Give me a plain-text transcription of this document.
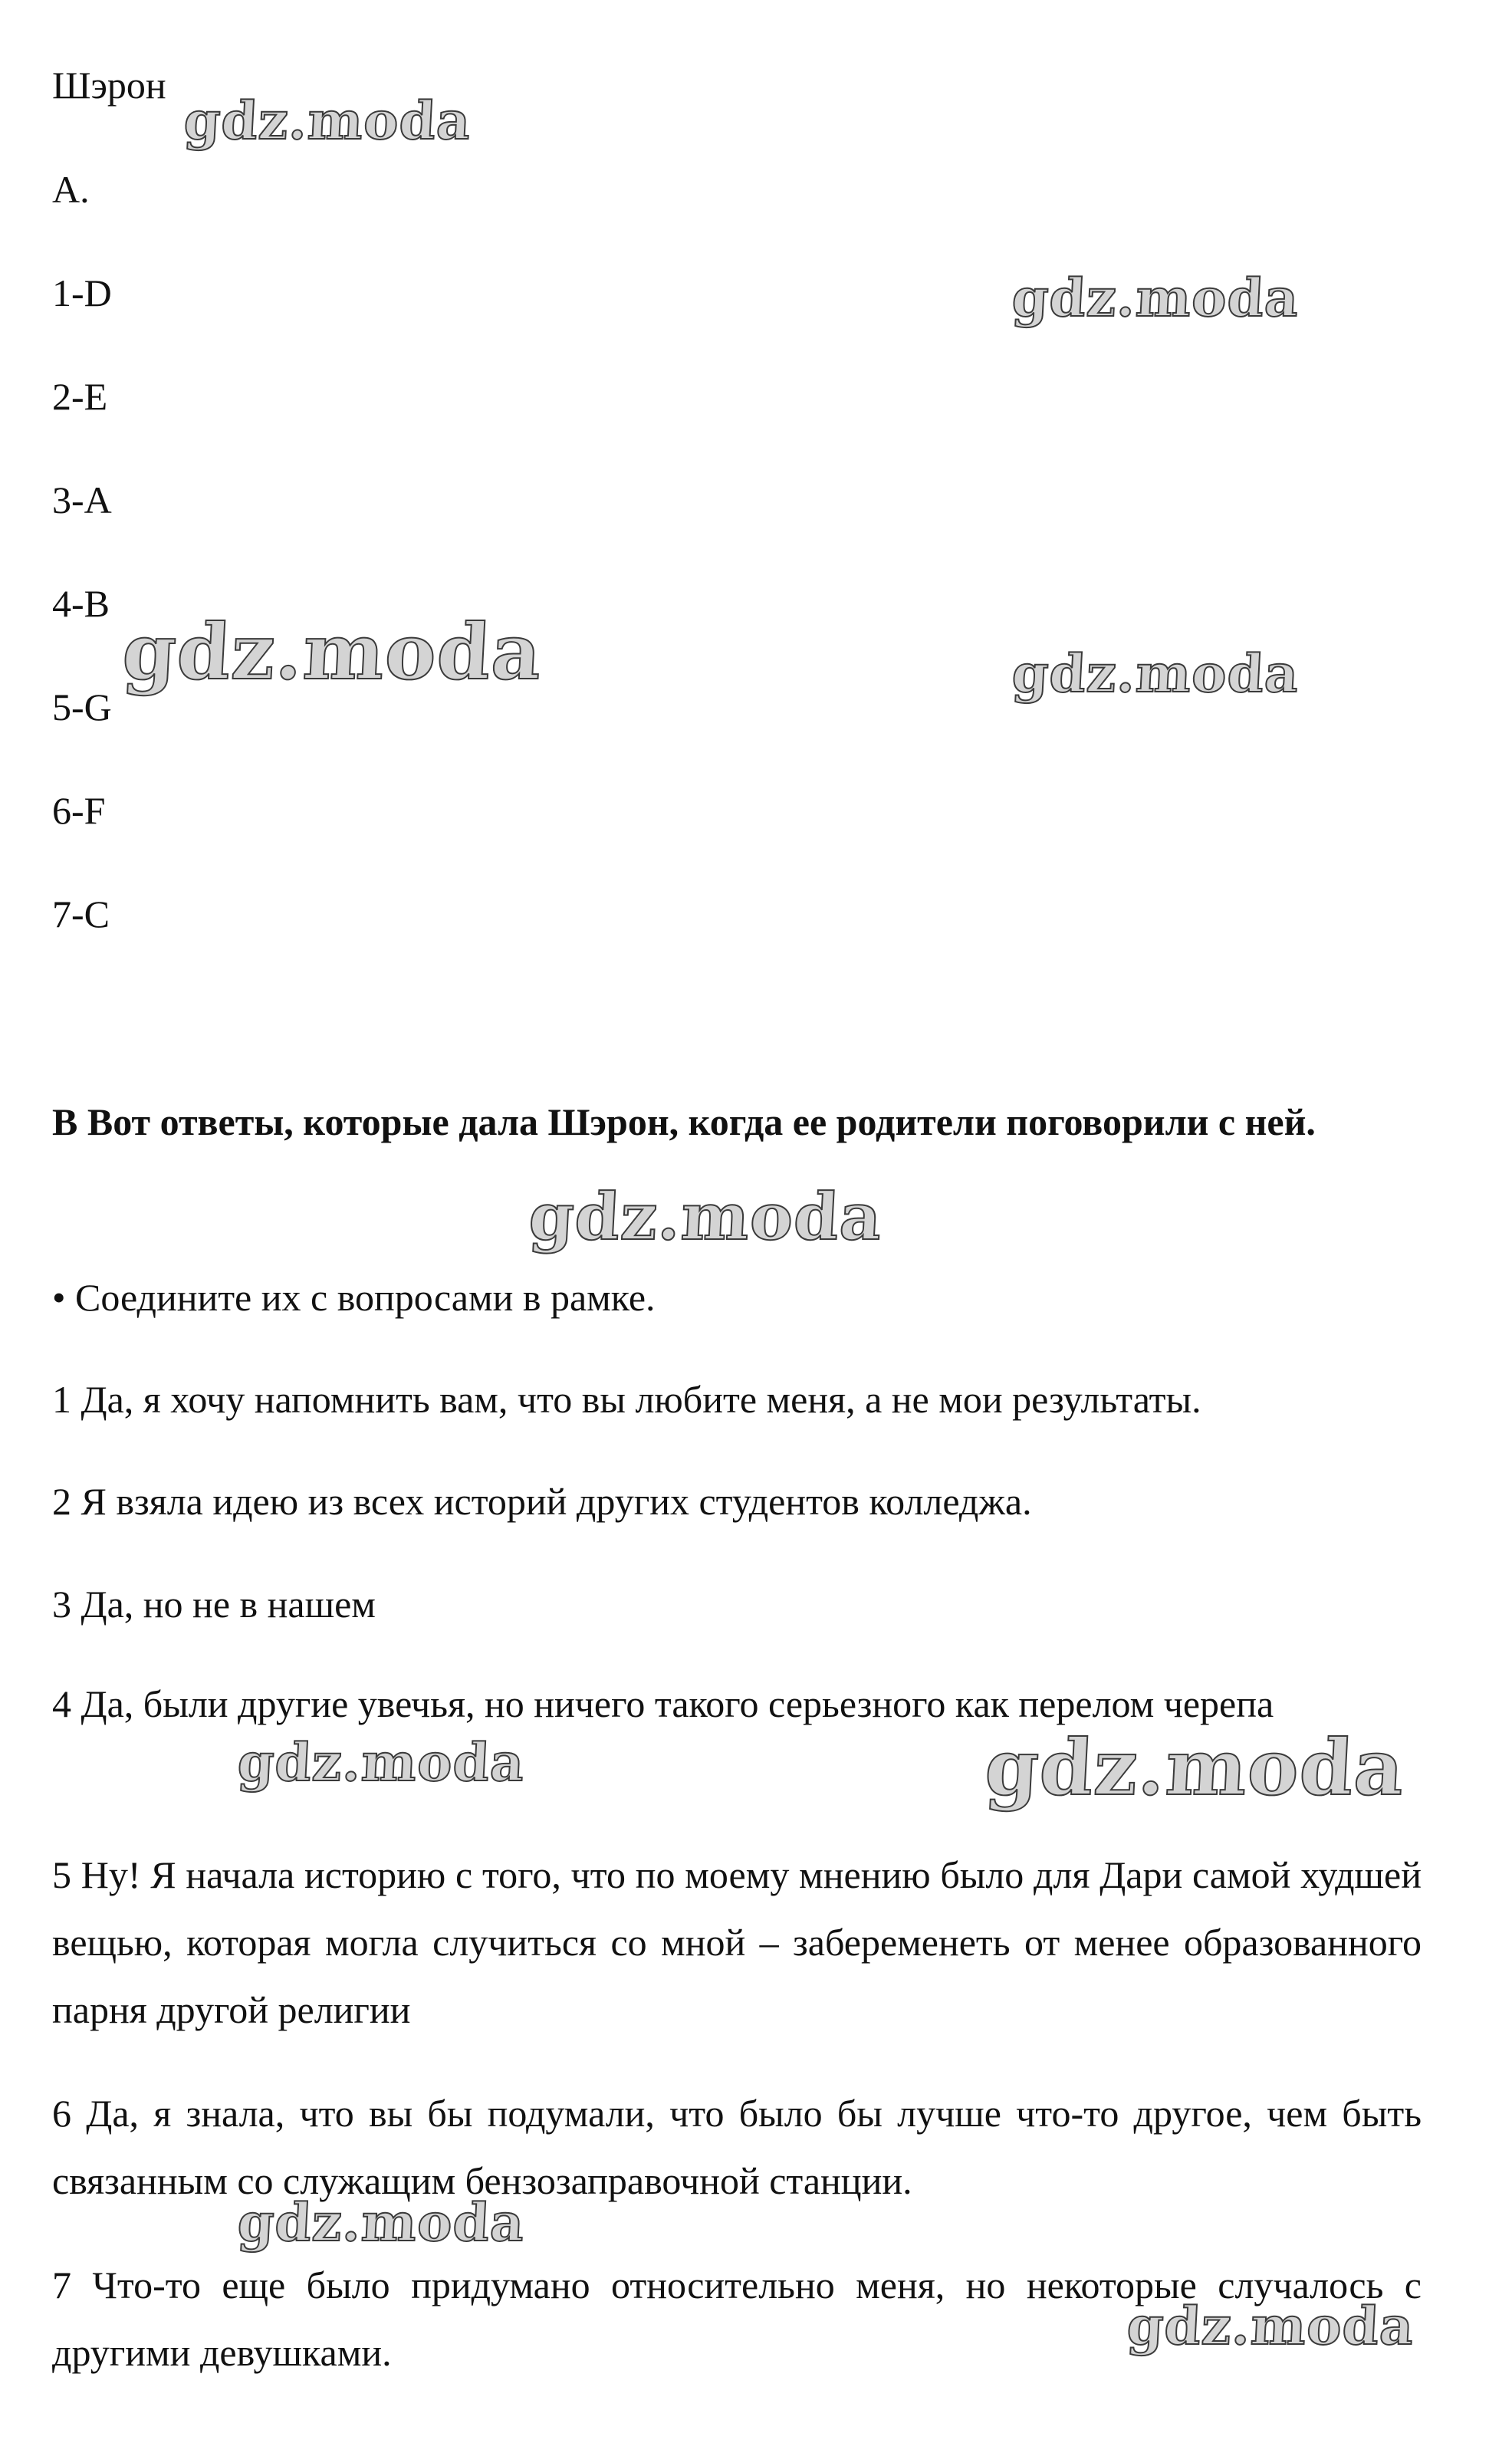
Шэрон

A.

1-D

2-E

3-A

4-B

5-G

6-F

7-C

B Вот ответы, которые дала Шэрон, когда ее родители поговорили с ней.

• Соедините их с вопросами в рамке.

1 Да, я хочу напомнить вам, что вы любите меня, а не мои результаты.

2 Я взяла идею из всех историй других студентов колледжа.

3 Да, но не в нашем

4 Да, были другие увечья, но ничего такого серьезного как перелом черепа

5 Ну! Я начала историю с того, что по моему мнению было для Дари самой худшей вещью, которая могла случиться со мной – забеременеть от менее образованного парня другой религии

6 Да, я знала, что вы бы подумали, что было бы лучше что-то другое, чем быть связанным со служащим бензозаправочной станции.

7 Что-то еще было придумано относительно меня, но некоторые случалось с другими девушками.

gdz.moda
gdz.moda
gdz.moda	gdz.moda
gdz.moda
gdz.moda	gdz.moda
gdz.moda
gdz.moda
